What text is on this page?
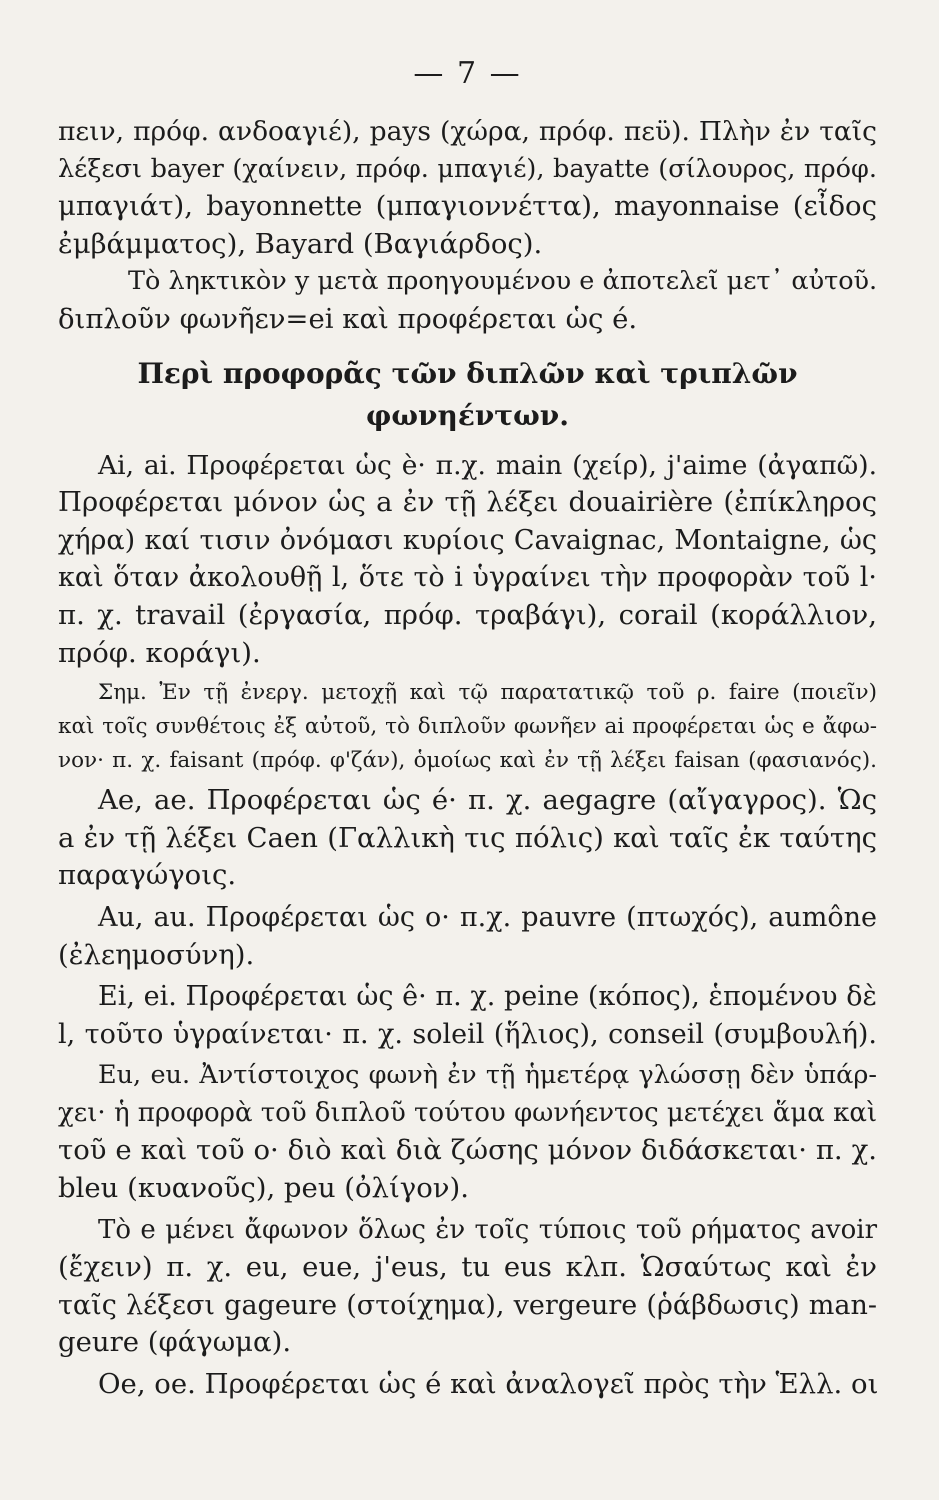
— 7 —
πειν, πρόφ. ανδοαγιέ), pays (χώρα, πρόφ. πεϋ). Πλὴν ἐν ταῖς
λέξεσι bayer (χαίνειν, πρόφ. μπαγιέ), bayatte (σίλουρος, πρόφ.
μπαγιάτ), bayonnette (μπαγιοννέττα), mayonnaise (εἶδος
ἐμβάμματος), Bayard (Βαγιάρδος).
Τὸ ληκτικὸν y μετὰ προηγουμένου e ἀποτελεῖ μετ᾿ αὐτοῦ.
διπλοῦν φωνῆεν=ei καὶ προφέρεται ὡς é.
Περὶ προφορᾶς τῶν διπλῶν καὶ τριπλῶν
φωνηέντων.
Ai, ai. Προφέρεται ὡς è· π.χ. main (χείρ), j'aime (ἀγαπῶ).
Προφέρεται μόνον ὡς a ἐν τῇ λέξει douairière (ἐπίκληρος
χήρα) καί τισιν ὀνόμασι κυρίοις Cavaignac, Montaigne, ὡς
καὶ ὅταν ἀκολουθῇ l, ὅτε τὸ i ὑγραίνει τὴν προφορὰν τοῦ l·
π. χ. travail (ἐργασία, πρόφ. τραβάγι), corail (κοράλλιον,
πρόφ. κοράγι).
Σημ. Ἐν τῇ ἐνεργ. μετοχῇ καὶ τῷ παρατατικῷ τοῦ ρ. faire (ποιεῖν)
καὶ τοῖς συνθέτοις ἐξ αὐτοῦ, τὸ διπλοῦν φωνῆεν ai προφέρεται ὡς e ἄφω-
νον· π. χ. faisant (πρόφ. φ'ζάν), ὁμοίως καὶ ἐν τῇ λέξει faisan (φασιανός).
Ae, ae. Προφέρεται ὡς é· π. χ. aegagre (αἴγαγρος). Ὡς
a ἐν τῇ λέξει Caen (Γαλλικὴ τις πόλις) καὶ ταῖς ἐκ ταύτης
παραγώγοις.
Au, au. Προφέρεται ὡς o· π.χ. pauvre (πτωχός), aumône
(ἐλεημοσύνη).
Ei, ei. Προφέρεται ὡς ê· π. χ. peine (κόπος), ἑπομένου δὲ
l, τοῦτο ὑγραίνεται· π. χ. soleil (ἥλιος), conseil (συμβουλή).
Eu, eu. Ἀντίστοιχος φωνὴ ἐν τῇ ἡμετέρᾳ γλώσσῃ δὲν ὑπάρ-
χει· ἡ προφορὰ τοῦ διπλοῦ τούτου φωνήεντος μετέχει ἅμα καὶ
τοῦ e καὶ τοῦ o· διὸ καὶ διὰ ζώσης μόνον διδάσκεται· π. χ.
bleu (κυανοῦς), peu (ὀλίγον).
Τὸ e μένει ἄφωνον ὅλως ἐν τοῖς τύποις τοῦ ρήματος avoir
(ἔχειν) π. χ. eu, eue, j'eus, tu eus κλπ. Ὡσαύτως καὶ ἐν
ταῖς λέξεσι gageure (στοίχημα), vergeure (ῥάβδωσις) man-
geure (φάγωμα).
Oe, oe. Προφέρεται ὡς é καὶ ἀναλογεῖ πρὸς τὴν Ἑλλ. οι
